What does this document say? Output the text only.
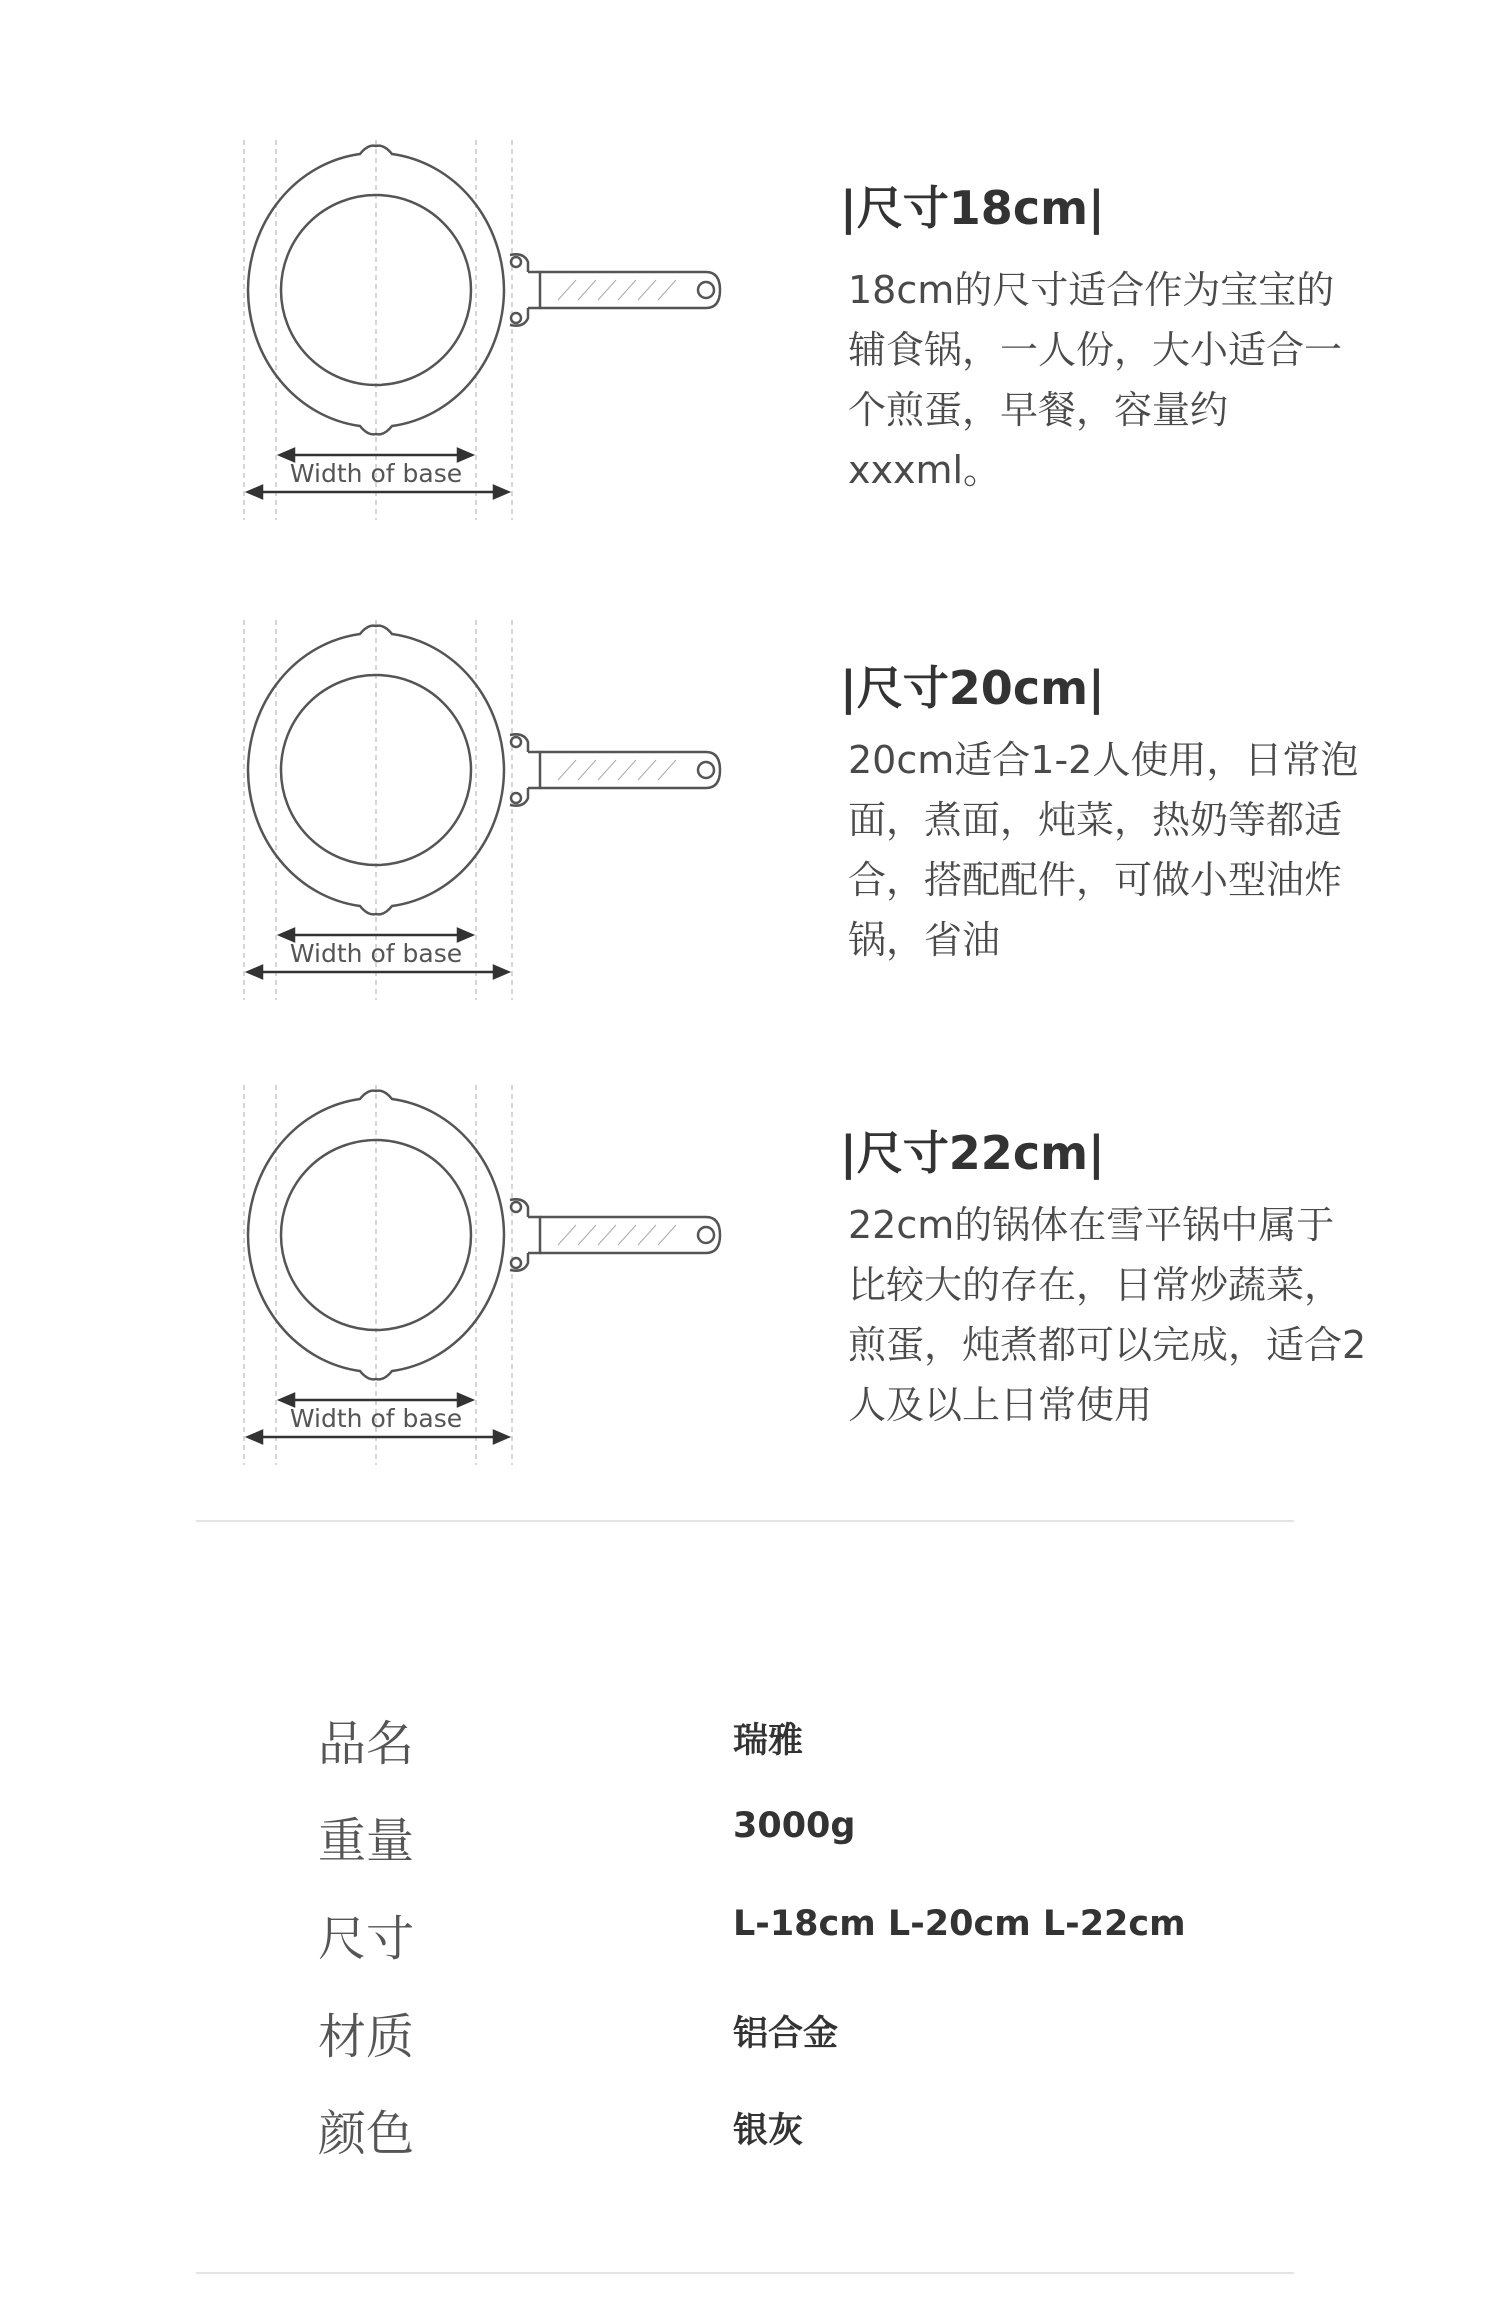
Width of base
|尺寸18cm|
18cm的尺寸适合作为宝宝的辅食锅，一人份，大小适合一个煎蛋，早餐，容量约xxxml。
Width of base
|尺寸20cm|
20cm适合1-2人使用，日常泡面，煮面，炖菜，热奶等都适合，搭配配件，可做小型油炸锅，省油
Width of base
|尺寸22cm|
22cm的锅体在雪平锅中属于比较大的存在，日常炒蔬菜，煎蛋，炖煮都可以完成，适合2人及以上日常使用
品名	瑞雅
重量	3000g
尺寸	L-18cm L-20cm L-22cm
材质	铝合金
颜色	银灰
